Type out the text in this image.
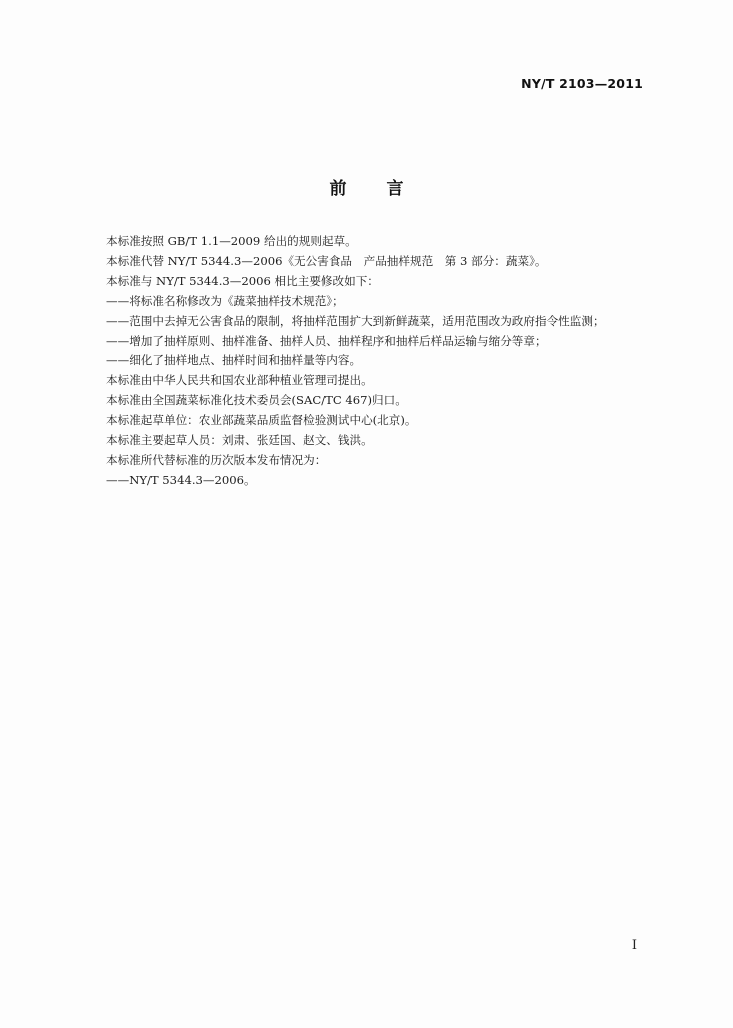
NY/T 2103—2011
前言
本标准按照 GB/T 1.1—2009 给出的规则起草。
本标准代替 NY/T 5344.3—2006《无公害食品　产品抽样规范　第 3 部分：蔬菜》。
本标准与 NY/T 5344.3—2006 相比主要修改如下：
——将标准名称修改为《蔬菜抽样技术规范》；
——范围中去掉无公害食品的限制，将抽样范围扩大到新鲜蔬菜，适用范围改为政府指令性监测；
——增加了抽样原则、抽样准备、抽样人员、抽样程序和抽样后样品运输与缩分等章；
——细化了抽样地点、抽样时间和抽样量等内容。
本标准由中华人民共和国农业部种植业管理司提出。
本标准由全国蔬菜标准化技术委员会(SAC/TC 467)归口。
本标准起草单位：农业部蔬菜品质监督检验测试中心(北京)。
本标准主要起草人员：刘肃、张廷国、赵文、钱洪。
本标准所代替标准的历次版本发布情况为：
——NY/T 5344.3—2006。
I
